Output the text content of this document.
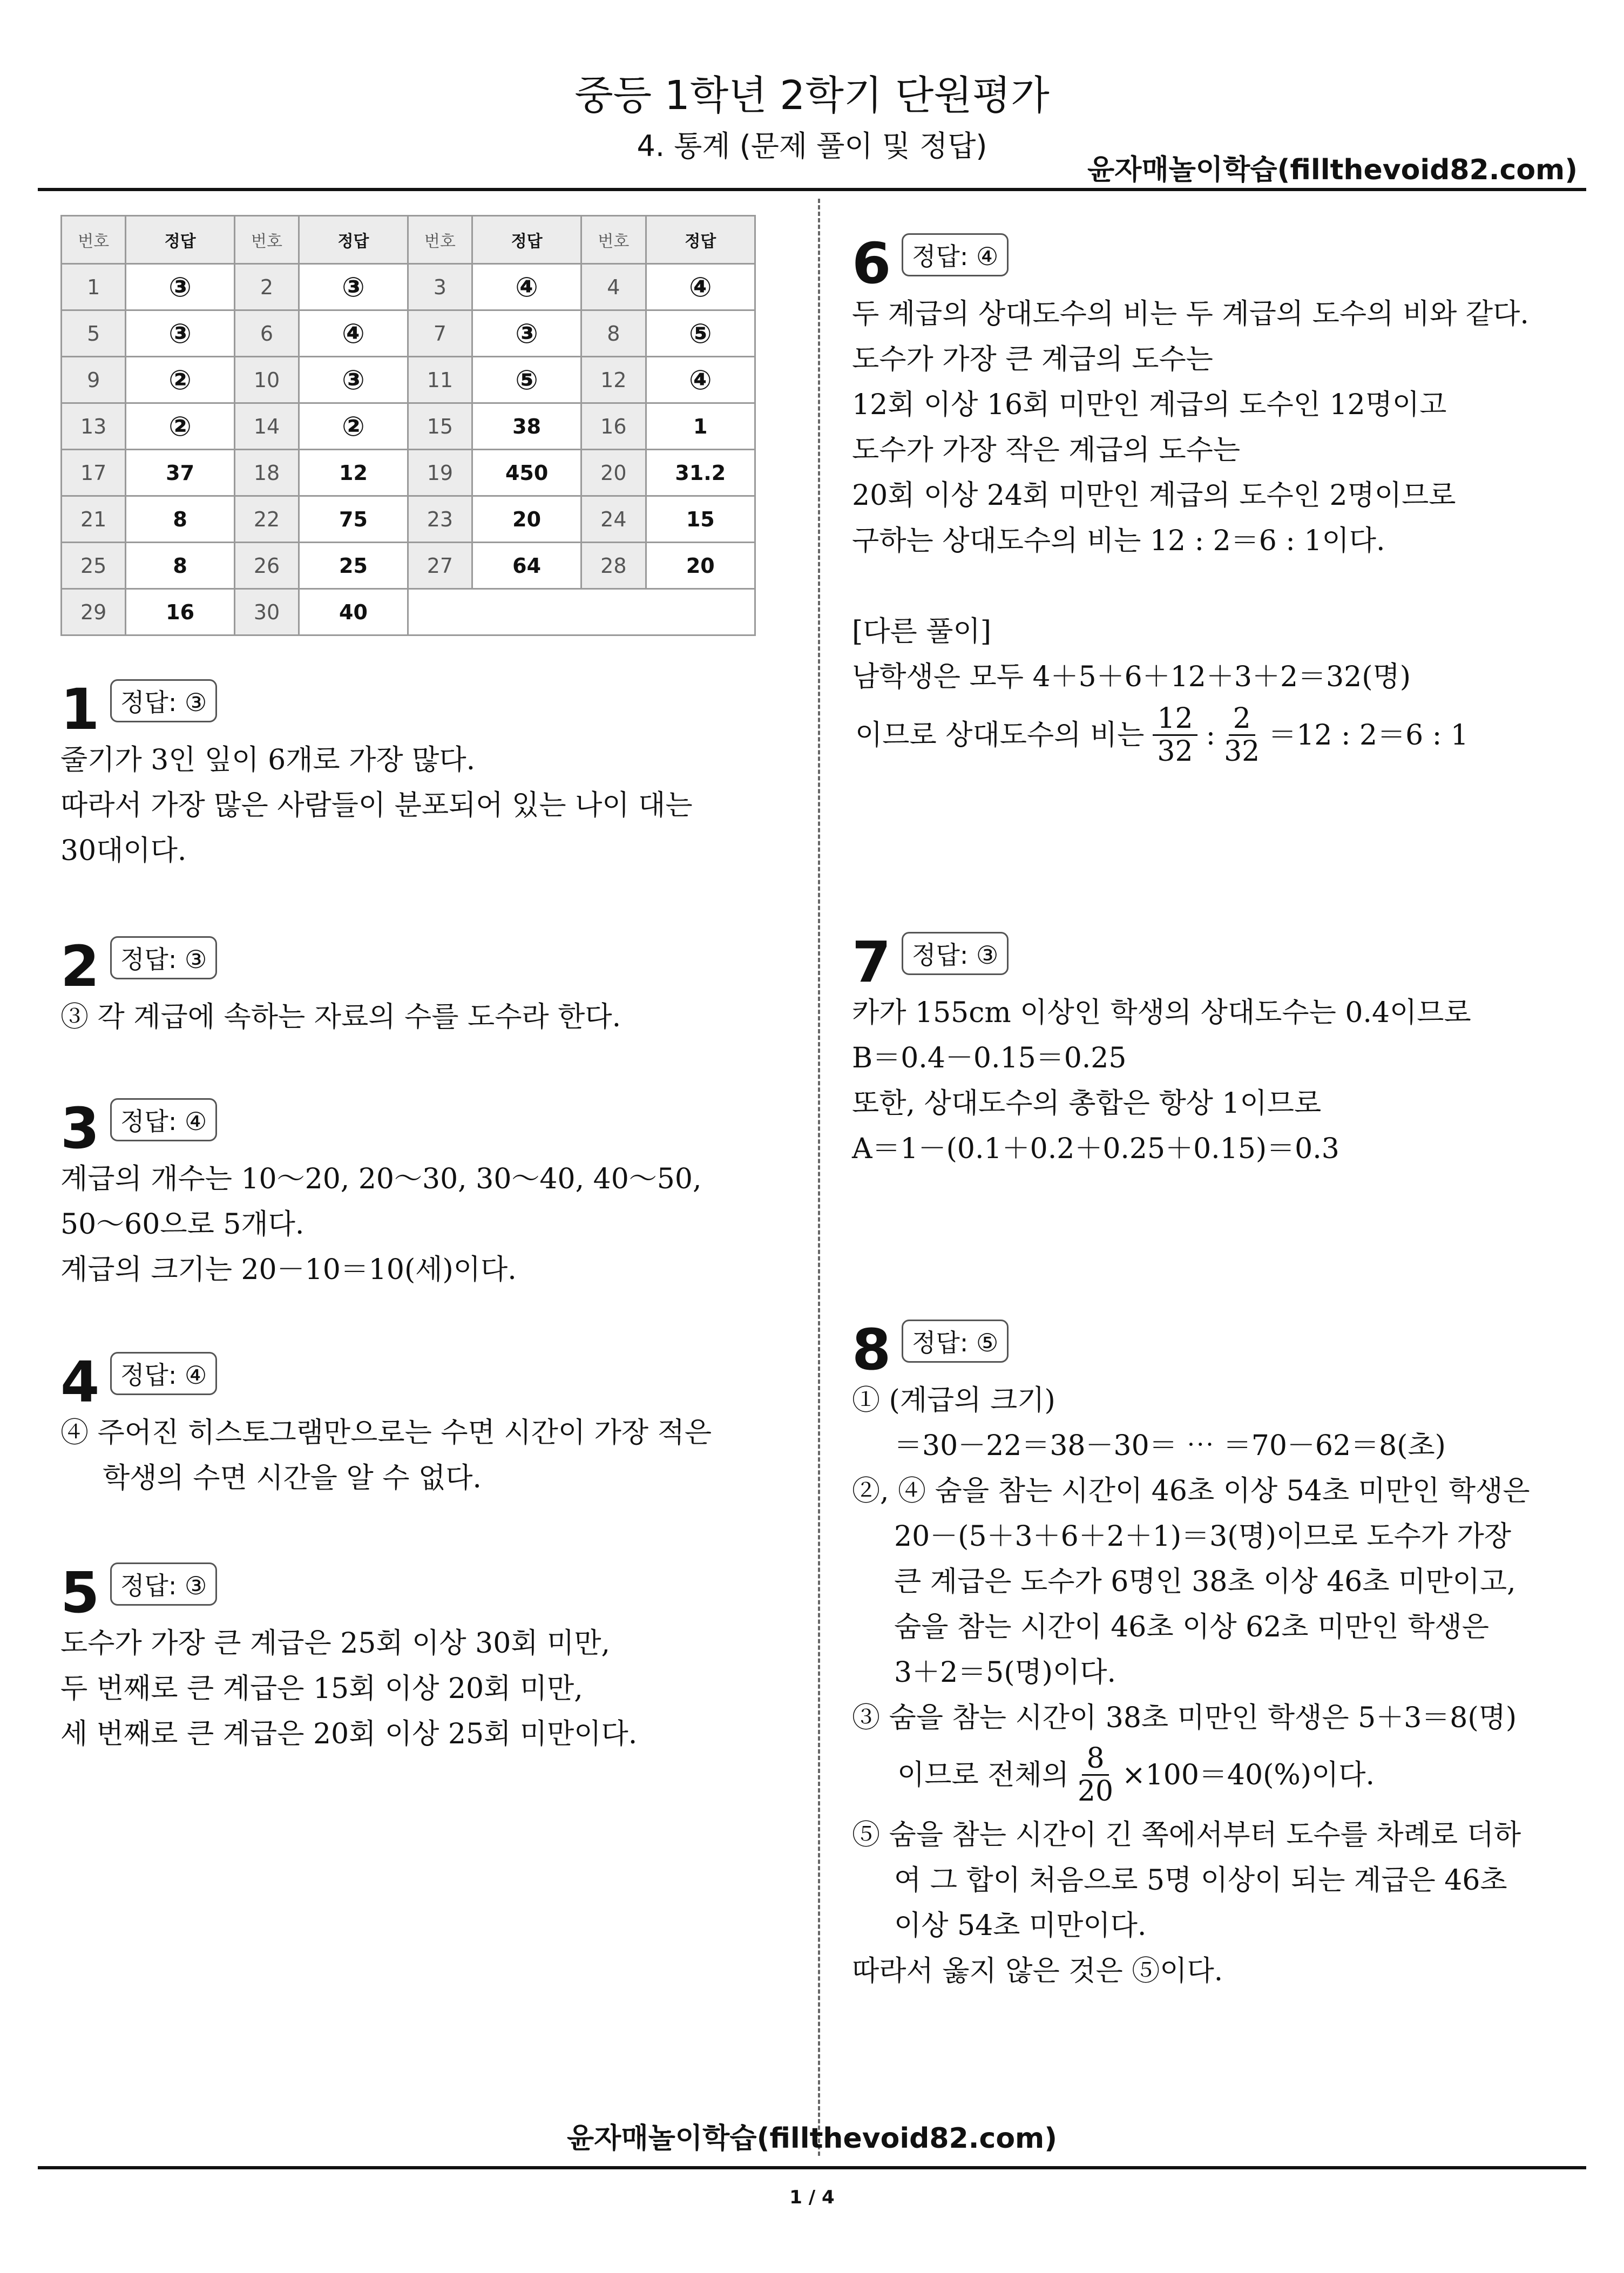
중등 1학년 2학기 단원평가
4. 통계 (문제 풀이 및 정답)
윤자매놀이학습(fillthevoid82.com)
번호	정답	번호	정답	번호	정답	번호	정답
1	③	2	③	3	④	4	④
5	③	6	④	7	③	8	⑤
9	②	10	③	11	⑤	12	④
13	②	14	②	15	38	16	1
17	37	18	12	19	450	20	31.2
21	8	22	75	23	20	24	15
25	8	26	25	27	64	28	20
29	16	30	40				
1 정답: ③
줄기가 3인 잎이 6개로 가장 많다.
따라서 가장 많은 사람들이 분포되어 있는 나이 대는
30대이다.
2 정답: ③
③ 각 계급에 속하는 자료의 수를 도수라 한다.
3 정답: ④
계급의 개수는 10～20, 20～30, 30～40, 40～50,
50～60으로 5개다.
계급의 크기는 20－10＝10(세)이다.
4 정답: ④
④ 주어진 히스토그램만으로는 수면 시간이 가장 적은
학생의 수면 시간을 알 수 없다.
5 정답: ③
도수가 가장 큰 계급은 25회 이상 30회 미만,
두 번째로 큰 계급은 15회 이상 20회 미만,
세 번째로 큰 계급은 20회 이상 25회 미만이다.
6 정답: ④
두 계급의 상대도수의 비는 두 계급의 도수의 비와 같다.
도수가 가장 큰 계급의 도수는
12회 이상 16회 미만인 계급의 도수인 12명이고
도수가 가장 작은 계급의 도수는
20회 이상 24회 미만인 계급의 도수인 2명이므로
구하는 상대도수의 비는 12 : 2＝6 : 1이다.
[다른 풀이]
남학생은 모두 4＋5＋6＋12＋3＋2＝32(명)
이므로 상대도수의 비는 $\frac{12}{32}$ : $\frac{2}{32} =12$ : 2＝6 : 1
7 정답: ③
카가 155cm 이상인 학생의 상대도수는 0.4이므로
B＝0.4－0.15＝0.25
또한, 상대도수의 총합은 항상 1이므로
A＝1－(0.1＋0.2＋0.25＋0.15)＝0.3
8 정답: ⑤
① (계급의 크기)
＝30－22＝38－30＝ ⋯ ＝70－62＝8(초)
②, ④ 숨을 참는 시간이 46초 이상 54초 미만인 학생은
20－(5＋3＋6＋2＋1)＝3(명)이므로 도수가 가장
큰 계급은 도수가 6명인 38초 이상 46초 미만이고,
숨을 참는 시간이 46초 이상 62초 미만인 학생은
3＋2＝5(명)이다.
③ 숨을 참는 시간이 38초 미만인 학생은 5＋3＝8(명)
이므로 전체의 $\frac{8}{20} \times 100=40(\%)$이다.
⑤ 숨을 참는 시간이 긴 쪽에서부터 도수를 차례로 더하
여 그 합이 처음으로 5명 이상이 되는 계급은 46초
이상 54초 미만이다.
따라서 옳지 않은 것은 ⑤이다.
윤자매놀이학습(fillthevoid82.com)
1 / 4
